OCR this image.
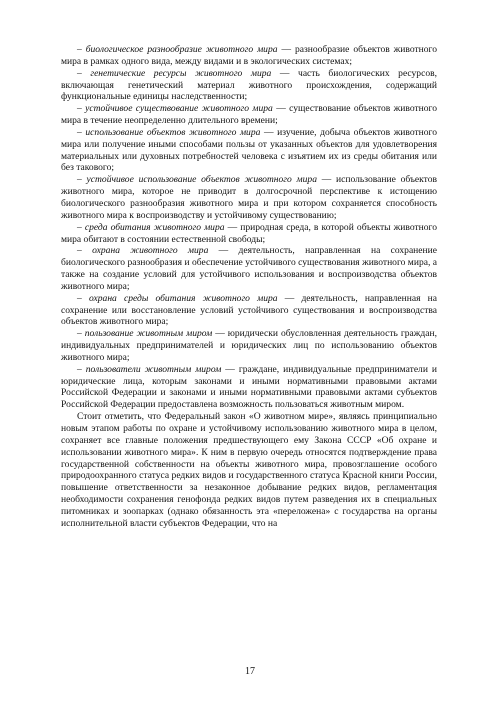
– биологическое разнообразие животного мира — разнообразие объектов животного мира в рамках одного вида, между видами и в экологических системах;

– генетические ресурсы животного мира — часть биологических ресурсов, включающая генетический материал животного происхождения, содержащий функциональные единицы наследственности;

– устойчивое существование животного мира — существование объектов животного мира в течение неопределенно длительного времени;

– использование объектов животного мира — изучение, добыча объектов животного мира или получение иными способами пользы от указанных объектов для удовлетворения материальных или духовных потребностей человека с изъятием их из среды обитания или без такового;

– устойчивое использование объектов животного мира — использование объектов животного мира, которое не приводит в долгосрочной перспективе к истощению биологического разнообразия животного мира и при котором сохраняется способность животного мира к воспроизводству и устойчивому существованию;

– среда обитания животного мира — природная среда, в которой объекты животного мира обитают в состоянии естественной свободы;

– охрана животного мира — деятельность, направленная на сохранение биологического разнообразия и обеспечение устойчивого существования животного мира, а также на создание условий для устойчивого использования и воспроизводства объектов животного мира;

– охрана среды обитания животного мира — деятельность, направленная на сохранение или восстановление условий устойчивого существования и воспроизводства объектов животного мира;

– пользование животным миром — юридически обусловленная деятельность граждан, индивидуальных предпринимателей и юридических лиц по использованию объектов животного мира;

– пользователи животным миром — граждане, индивидуальные предприниматели и юридические лица, которым законами и иными нормативными правовыми актами Российской Федерации и законами и иными нормативными правовыми актами субъектов Российской Федерации предоставлена возможность пользоваться животным миром.

Стоит отметить, что Федеральный закон «О животном мире», являясь принципиально новым этапом работы по охране и устойчивому использованию животного мира в целом, сохраняет все главные положения предшествующего ему Закона СССР «Об охране и использовании животного мира». К ним в первую очередь относятся подтверждение права государственной собственности на объекты животного мира, провозглашение особого природоохранного статуса редких видов и государственного статуса Красной книги России, повышение ответственности за незаконное добывание редких видов, регламентация необходимости сохранения генофонда редких видов путем разведения их в специальных питомниках и зоопарках (однако обязанность эта «переложена» с государства на органы исполнительной власти субъектов Федерации, что на

17
